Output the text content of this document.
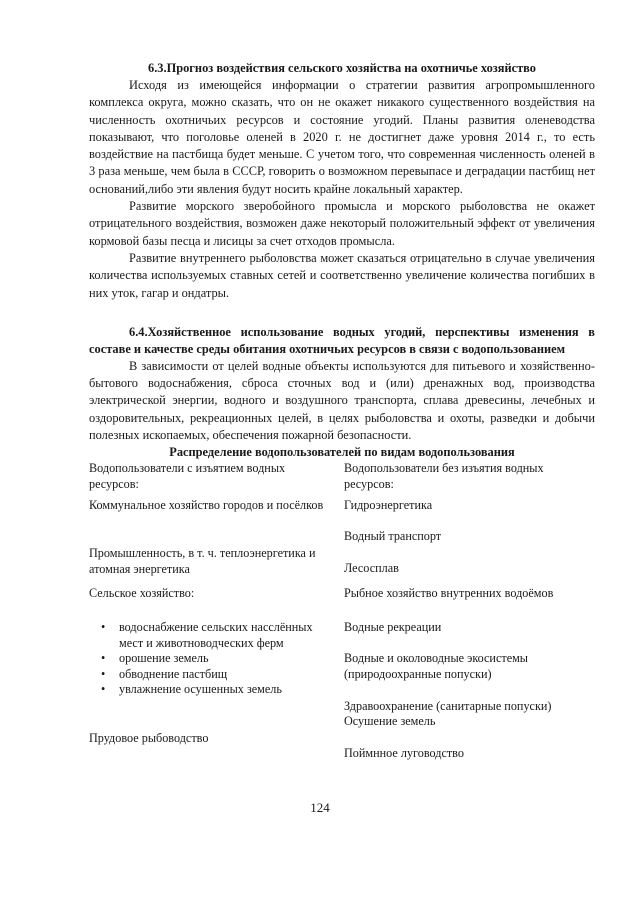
6.3.Прогноз воздействия сельского хозяйства на охотничье хозяйство

Исходя из имеющейся информации о стратегии развития агропромышленного комплекса округа, можно сказать, что он не окажет никакого существенного воздействия на численность охотничьих ресурсов и состояние угодий. Планы развития оленеводства показывают, что поголовье оленей в 2020 г. не достигнет даже уровня 2014 г., то есть воздействие на пастбища будет меньше. С учетом того, что современная численность оленей в 3 раза меньше, чем была в СССР, говорить о возможном перевыпасе и деградации пастбищ нет оснований,либо эти явления будут носить крайне локальный характер.

Развитие морского зверобойного промысла и морского рыболовства не окажет отрицательного воздействия, возможен даже некоторый положительный эффект от увеличения кормовой базы песца и лисицы за счет отходов промысла.

Развитие внутреннего рыболовства может сказаться отрицательно в случае увеличения количества используемых ставных сетей и соответственно увеличение количества погибших в них уток, гагар и ондатры.

6.4.Хозяйственное использование водных угодий, перспективы изменения в составе и качестве среды обитания охотничьих ресурсов в связи с водопользованием

В зависимости от целей водные объекты используются для питьевого и хозяйственно-бытового водоснабжения, сброса сточных вод и (или) дренажных вод, производства электрической энергии, водного и воздушного транспорта, сплава древесины, лечебных и оздоровительных, рекреационных целей, в целях рыболовства и охоты, разведки и добычи полезных ископаемых, обеспечения пожарной безопасности.

Распределение водопользователей по видам водопользования

Водопользователи с изъятием водных ресурсов:

Коммунальное хозяйство городов и посёлков

Промышленность, в т. ч. теплоэнергетика и атомная энергетика

Сельское хозяйство:

• водоснабжение сельских насслённых мест и животноводческих ферм
• орошение земель
• обводнение пастбищ
• увлажнение осушенных земель

Прудовое рыбоводство

Водопользователи без изъятия водных ресурсов:

Гидроэнергетика

Водный транспорт

Лесосплав

Рыбное хозяйство внутренних водоёмов

Водные рекреации

Водные и околоводные экосистемы (природоохранные попуски)

Здравоохранение (санитарные попуски)

Осушение земель

Поймнное луговодство

124
